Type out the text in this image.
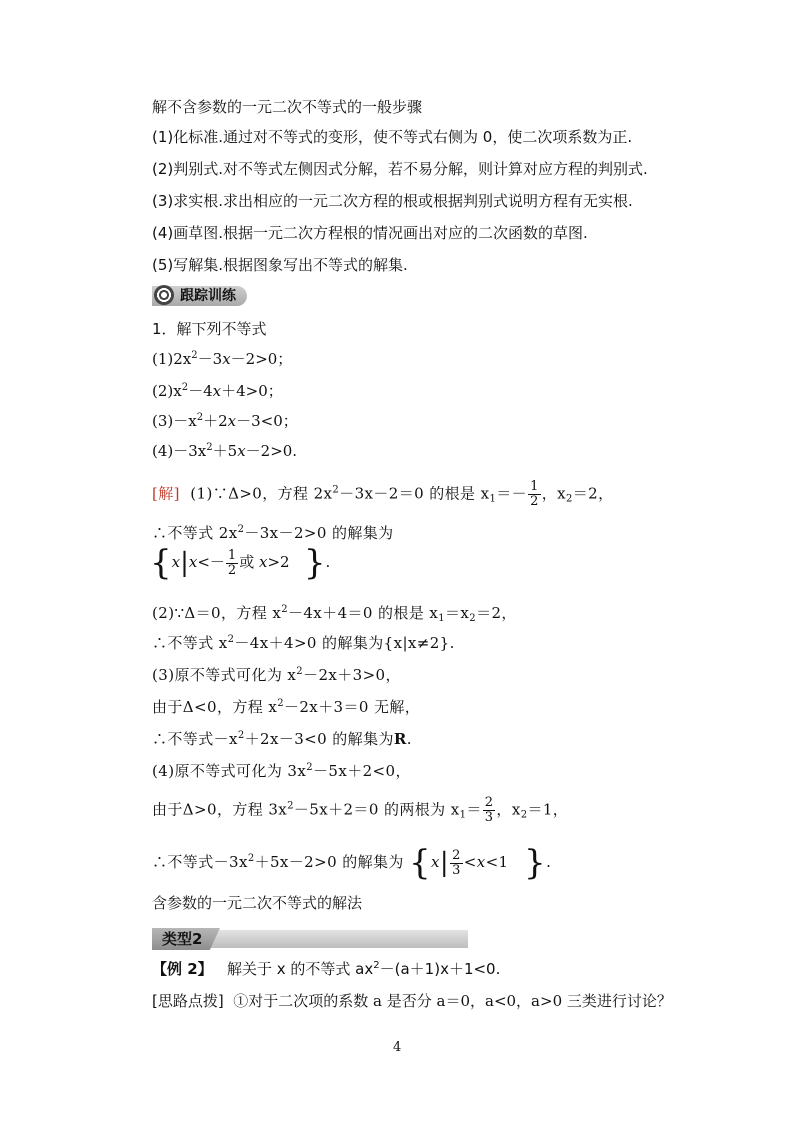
解不含参数的一元二次不等式的一般步骤
(1)化标准.通过对不等式的变形，使不等式右侧为 0，使二次项系数为正.
(2)判别式.对不等式左侧因式分解，若不易分解，则计算对应方程的判别式.
(3)求实根.求出相应的一元二次方程的根或根据判别式说明方程有无实根.
(4)画草图.根据一元二次方程根的情况画出对应的二次函数的草图.
(5)写解集.根据图象写出不等式的解集.
跟踪训练
1．解下列不等式
$(1)2x^2-3x-2>0$；
$(2)x^2-4x+4>0$；
$(3)-x^2+2x-3<0$；
$(4)-3x^2+5x-2>0$.
[解] (1)∵Δ>0，方程 $2x^2-3x-2=0$ 的根是 $x_1=- \frac{1}{2}$ ，$x_2=2$，
∴不等式 $2x^2-3x-2>0$ 的解集为
{$x|x<- \frac{1}{2}$ 或 x>2   }.
(2)∵Δ＝0，方程 $x^2-4x+4=0$ 的根是 $x_1=x_2=2$，
∴不等式 $x^2-4x+4>0$ 的解集为{x|x≠2}.
(3)原不等式可化为 $x^2-2x+3>0$，
由于Δ<0，方程 $x^2-2x+3=0$ 无解，
∴不等式$-x^2+2x-3<0$ 的解集为R.
(4)原不等式可化为 $3x^2-5x+2<0$，
由于Δ>0，方程 $3x^2-5x+2=0$ 的两根为 $x_1= \frac{2}{3}$ ，$x_2=1$，
∴不等式$-3x^2+5x-2>0$ 的解集为 {$x| \frac{2}{3} <x<1$   }.
含参数的一元二次不等式的解法
类型2
【例 2】 解关于 x 的不等式 $ax^2-(a+1)x+1<0$.
[思路点拨] ①对于二次项的系数 a 是否分 a＝0，a<0，a>0 三类进行讨论？
4
